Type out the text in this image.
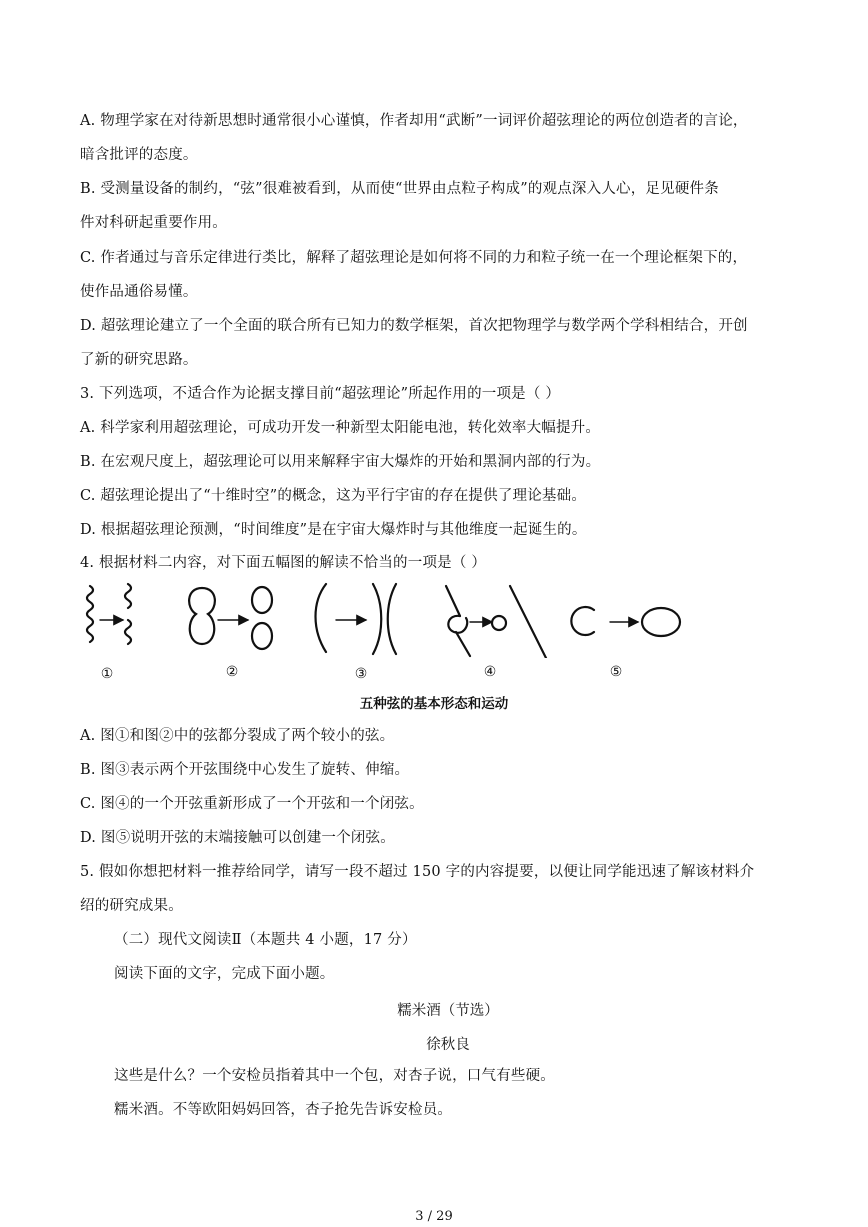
A. 物理学家在对待新思想时通常很小心谨慎，作者却用“武断”一词评价超弦理论的两位创造者的言论，
暗含批评的态度。
B. 受测量设备的制约，“弦”很难被看到，从而使“世界由点粒子构成”的观点深入人心，足见硬件条
件对科研起重要作用。
C. 作者通过与音乐定律进行类比，解释了超弦理论是如何将不同的力和粒子统一在一个理论框架下的，
使作品通俗易懂。
D. 超弦理论建立了一个全面的联合所有已知力的数学框架，首次把物理学与数学两个学科相结合，开创
了新的研究思路。
3. 下列选项，不适合作为论据支撑目前“超弦理论”所起作用的一项是（ ）
A. 科学家利用超弦理论，可成功开发一种新型太阳能电池，转化效率大幅提升。
B. 在宏观尺度上，超弦理论可以用来解释宇宙大爆炸的开始和黑洞内部的行为。
C. 超弦理论提出了“十维时空”的概念，这为平行宇宙的存在提供了理论基础。
D. 根据超弦理论预测，“时间维度”是在宇宙大爆炸时与其他维度一起诞生的。
4. 根据材料二内容，对下面五幅图的解读不恰当的一项是（ ）
①	②	③	④	⑤
五种弦的基本形态和运动
A. 图①和图②中的弦都分裂成了两个较小的弦。
B. 图③表示两个开弦围绕中心发生了旋转、伸缩。
C. 图④的一个开弦重新形成了一个开弦和一个闭弦。
D. 图⑤说明开弦的末端接触可以创建一个闭弦。
5. 假如你想把材料一推荐给同学，请写一段不超过 150 字的内容提要，以便让同学能迅速了解该材料介
绍的研究成果。
（二）现代文阅读Ⅱ（本题共 4 小题，17 分）
阅读下面的文字，完成下面小题。
糯米酒（节选）
徐秋良
这些是什么？一个安检员指着其中一个包，对杏子说，口气有些硬。
糯米酒。不等欧阳妈妈回答，杏子抢先告诉安检员。
3 / 29
